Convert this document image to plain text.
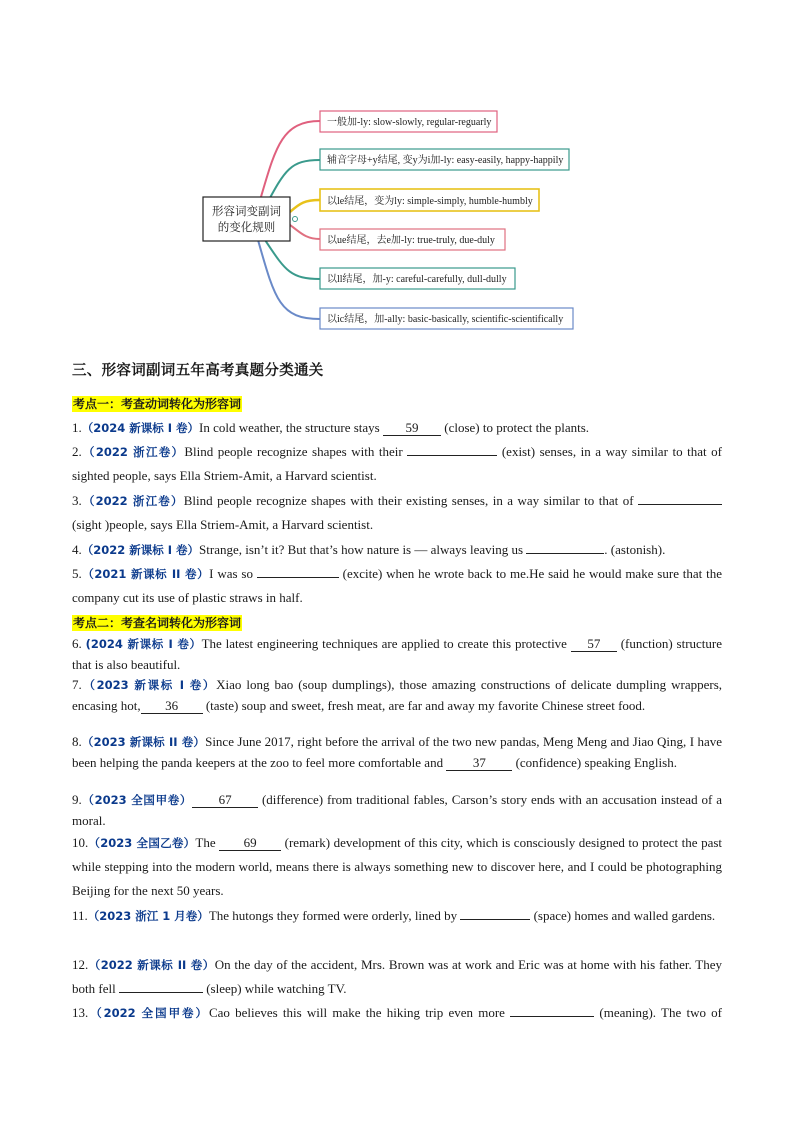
形容词变副词
的变化规则
一般加-ly: slow-slowly, regular-reguarly
辅音字母+y结尾, 变y为i加-ly: easy-easily, happy-happily
以le结尾，变为ly: simple-simply, humble-humbly
以ue结尾，去e加-ly: true-truly, due-duly
以ll结尾，加-y: careful-carefully, dull-dully
以ic结尾，加-ally: basic-basically, scientific-scientifically
三、形容词副词五年高考真题分类通关
考点一：考查动词转化为形容词
1.（2024 新课标 I 卷）In cold weather, the structure stays 59 (close) to protect the plants.
2.（2022 浙江卷）Blind people recognize shapes with their	(exist) senses, in a way similar to that of sighted people, says Ella Striem-Amit, a Harvard scientist.
3.（2022 浙江卷）Blind people recognize shapes with their existing senses, in a way similar to that of  (sight )people, says Ella Striem-Amit, a Harvard scientist.
4.（2022 新课标 I 卷）Strange, isn’t it? But that’s how nature is — always leaving us	. (astonish).
5.（2021 新课标 II 卷）I was so	(excite) when he wrote back to me.He said he would make sure that the company cut its use of plastic straws in half.
考点二：考查名词转化为形容词
6. (2024 新课标 I 卷）The latest engineering techniques are applied to create this protective 57 (function) structure that is also beautiful.
7.（2023 新课标 I 卷）Xiao long bao (soup dumplings), those amazing constructions of delicate dumpling wrappers, encasing hot, 36 (taste) soup and sweet, fresh meat, are far and away my favorite Chinese street food.
8.（2023 新课标 II 卷）Since June 2017, right before the arrival of the two new pandas, Meng Meng and Jiao Qing, I have been helping the panda keepers at the zoo to feel more comfortable and 37 (confidence) speaking English.
9.（2023 全国甲卷） 67 (difference) from traditional fables, Carson’s story ends with an accusation instead of a moral.
10.（2023 全国乙卷）The 69 (remark) development of this city, which is consciously designed to protect the past while stepping into the modern world, means there is always something new to discover here, and I could be photographing Beijing for the next 50 years.
11.（2023 浙江 1 月卷）The hutongs they formed were orderly, lined by	(space) homes and walled gardens.
12.（2022 新课标 II 卷）On the day of the accident, Mrs. Brown was at work and Eric was at home with his father. They both fell	(sleep) while watching TV.
13.（2022 全国甲卷）Cao believes this will make the hiking trip even more	(meaning). The two of
